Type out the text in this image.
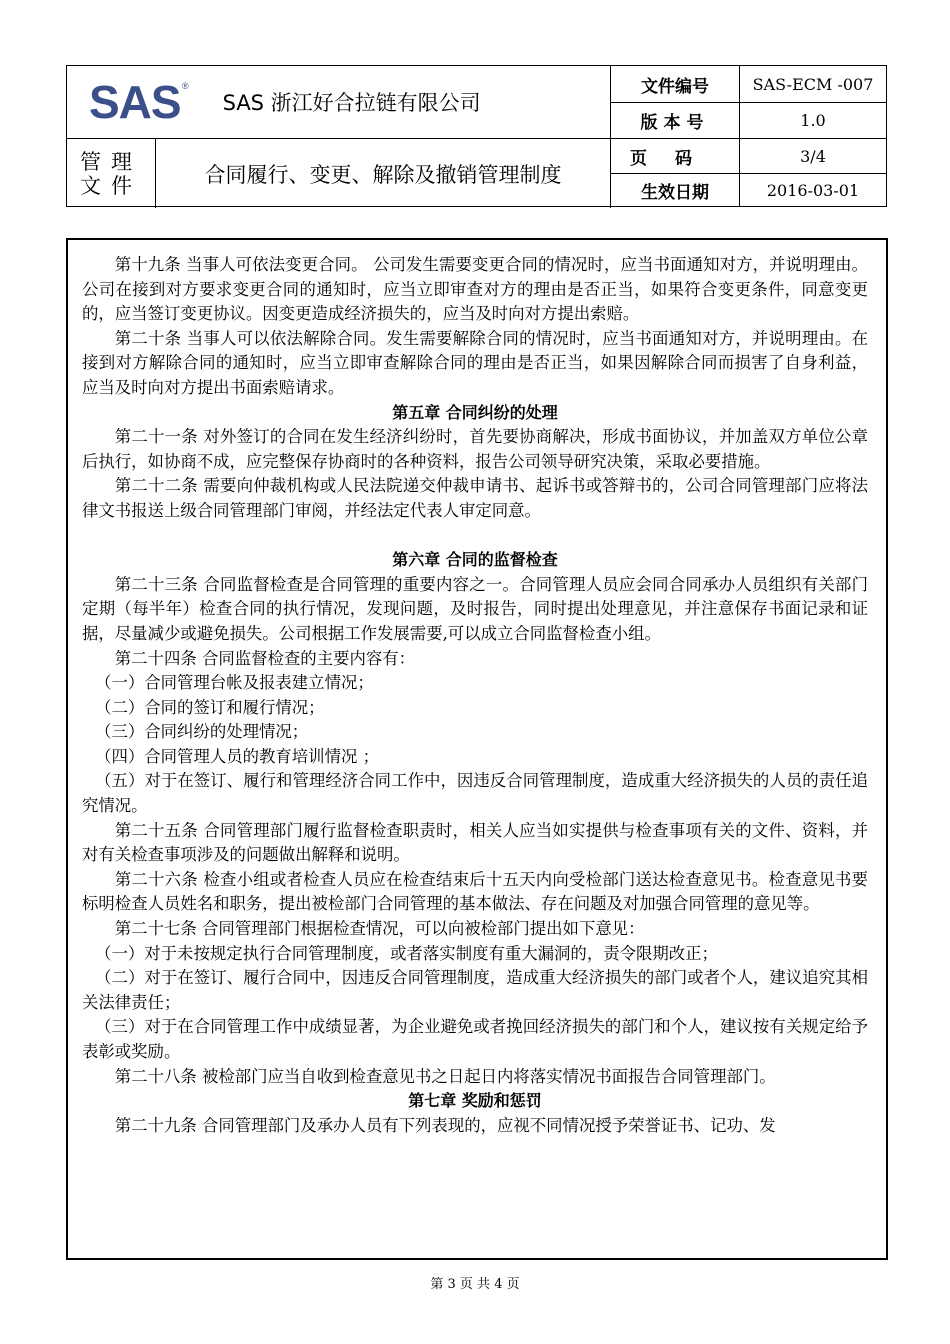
SAS ®
SAS 浙江好合拉链有限公司
管理
文件	合同履行、变更、解除及撤销管理制度
文件编号	SAS-ECM -007
版本号	1.0
页码	3/4
生效日期	2016-03-01

第十九条 当事人可依法变更合同。 公司发生需要变更合同的情况时，应当书面通知对方，并说明理由。公司在接到对方要求变更合同的通知时，应当立即审查对方的理由是否正当，如果符合变更条件，同意变更的，应当签订变更协议。因变更造成经济损失的，应当及时向对方提出索赔。

第二十条 当事人可以依法解除合同。发生需要解除合同的情况时，应当书面通知对方，并说明理由。在接到对方解除合同的通知时，应当立即审查解除合同的理由是否正当，如果因解除合同而损害了自身利益，应当及时向对方提出书面索赔请求。

第五章 合同纠纷的处理

第二十一条 对外签订的合同在发生经济纠纷时，首先要协商解决，形成书面协议，并加盖双方单位公章后执行，如协商不成，应完整保存协商时的各种资料，报告公司领导研究决策，采取必要措施。

第二十二条 需要向仲裁机构或人民法院递交仲裁申请书、起诉书或答辩书的，公司合同管理部门应将法律文书报送上级合同管理部门审阅，并经法定代表人审定同意。

第六章 合同的监督检查

第二十三条 合同监督检查是合同管理的重要内容之一。合同管理人员应会同合同承办人员组织有关部门定期（每半年）检查合同的执行情况，发现问题，及时报告，同时提出处理意见，并注意保存书面记录和证据，尽量减少或避免损失。公司根据工作发展需要,可以成立合同监督检查小组。

第二十四条 合同监督检查的主要内容有：

（一）合同管理台帐及报表建立情况；

（二）合同的签订和履行情况；

（三）合同纠纷的处理情况；

（四）合同管理人员的教育培训情况 ；

（五）对于在签订、履行和管理经济合同工作中，因违反合同管理制度，造成重大经济损失的人员的责任追究情况。

第二十五条 合同管理部门履行监督检查职责时，相关人应当如实提供与检查事项有关的文件、资料，并对有关检查事项涉及的问题做出解释和说明。

第二十六条 检查小组或者检查人员应在检查结束后十五天内向受检部门送达检查意见书。检查意见书要标明检查人员姓名和职务，提出被检部门合同管理的基本做法、存在问题及对加强合同管理的意见等。

第二十七条 合同管理部门根据检查情况，可以向被检部门提出如下意见：

（一）对于未按规定执行合同管理制度，或者落实制度有重大漏洞的，责令限期改正；

（二）对于在签订、履行合同中，因违反合同管理制度，造成重大经济损失的部门或者个人，建议追究其相关法律责任；

（三）对于在合同管理工作中成绩显著，为企业避免或者挽回经济损失的部门和个人，建议按有关规定给予表彰或奖励。

第二十八条 被检部门应当自收到检查意见书之日起日内将落实情况书面报告合同管理部门。

第七章 奖励和惩罚

第二十九条 合同管理部门及承办人员有下列表现的，应视不同情况授予荣誉证书、记功、发

第 3 页 共 4 页
